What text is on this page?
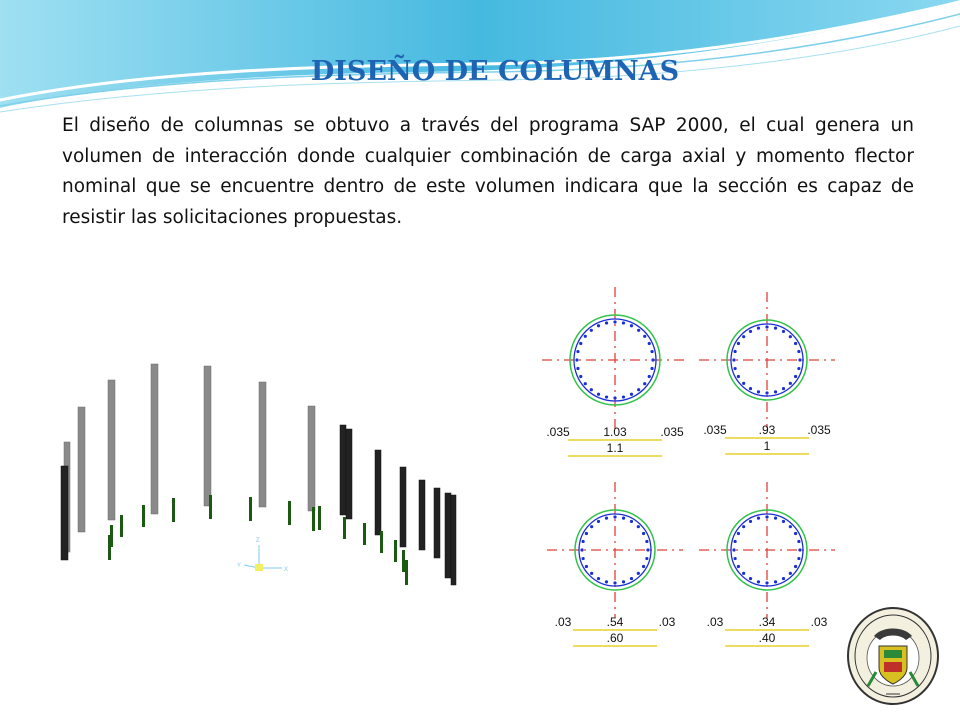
DISEÑO DE COLUMNAS
El diseño de columnas se obtuvo a través del programa SAP 2000, el cual genera un volumen de interacción donde cualquier combinación de carga axial y momento flector nominal que se encuentre dentro de este volumen indicara que la sección es capaz de resistir las solicitaciones propuestas.
Z
X
Y
.035	1.03	.035
1.1
.035	.93	.035
1
.03	.54	.03
.60
.03	.34	.03
.40
